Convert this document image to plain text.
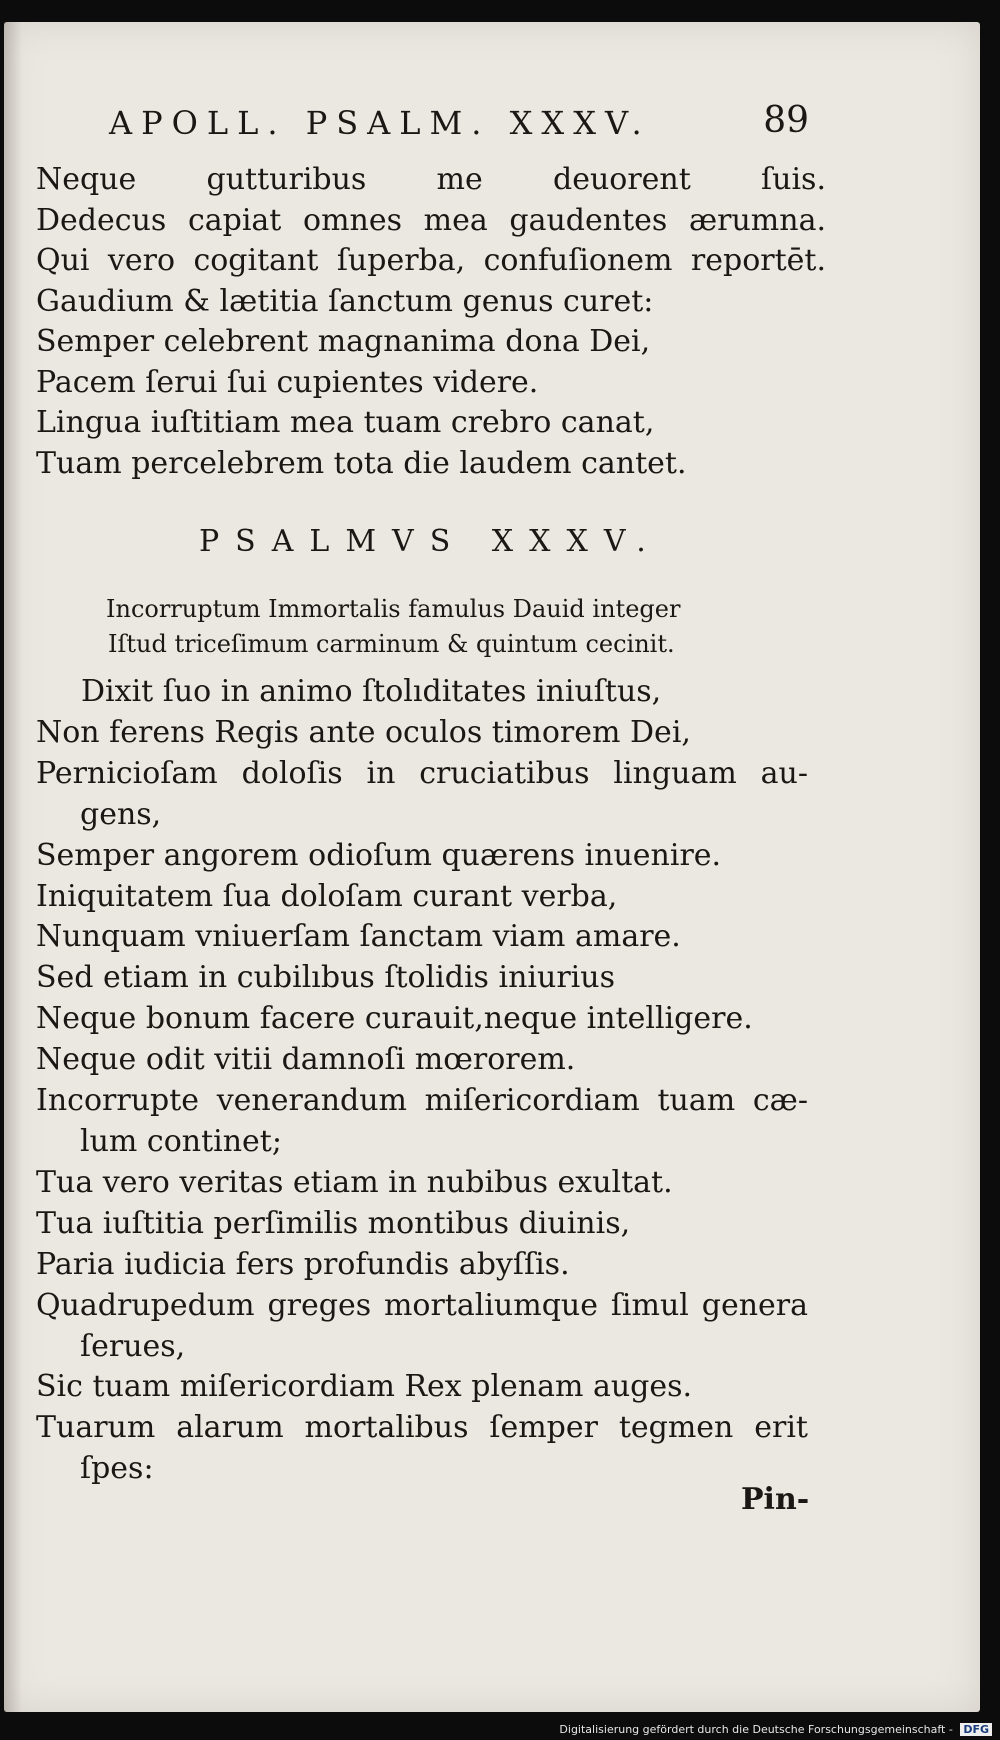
APOLL. PSALM. XXXV.	89
Neque gutturibus me deuorent ſuis.
Dedecus capiat omnes mea gaudentes ærumna.
Qui vero cogitant ſuperba, confuſionem reportēt.
Gaudium & lætitia ſanctum genus curet:
Semper celebrent magnanima dona Dei,
Pacem ſerui ſui cupientes videre.
Lingua iuſtitiam mea tuam crebro canat,
Tuam percelebrem tota die laudem cantet.
PSALMVS XXXV.
Incorruptum Immortalis famulus Dauid integer
Iſtud triceſimum carminum & quintum cecinit.
Dixit ſuo in animo ſtolıditates iniuſtus,
Non ferens Regis ante oculos timorem Dei,
Pernicioſam doloſis in cruciatibus linguam au-
gens,
Semper angorem odioſum quærens inuenire.
Iniquitatem ſua doloſam curant verba,
Nunquam vniuerſam ſanctam viam amare.
Sed etiam in cubilıbus ſtolidis iniurius
Neque bonum facere curauit,neque intelligere.
Neque odit vitii damnoſi mœrorem.
Incorrupte venerandum miſericordiam tuam cæ-
lum continet;
Tua vero veritas etiam in nubibus exultat.
Tua iuſtitia perſimilis montibus diuinis,
Paria iudicia fers profundis abyſſis.
Quadrupedum greges mortaliumque ſimul genera
ſerues,
Sic tuam miſericordiam Rex plenam auges.
Tuarum alarum mortalibus ſemper tegmen erit
ſpes:
Pin-
Digitalisierung gefördert durch die Deutsche Forschungsgemeinschaft - DFG
